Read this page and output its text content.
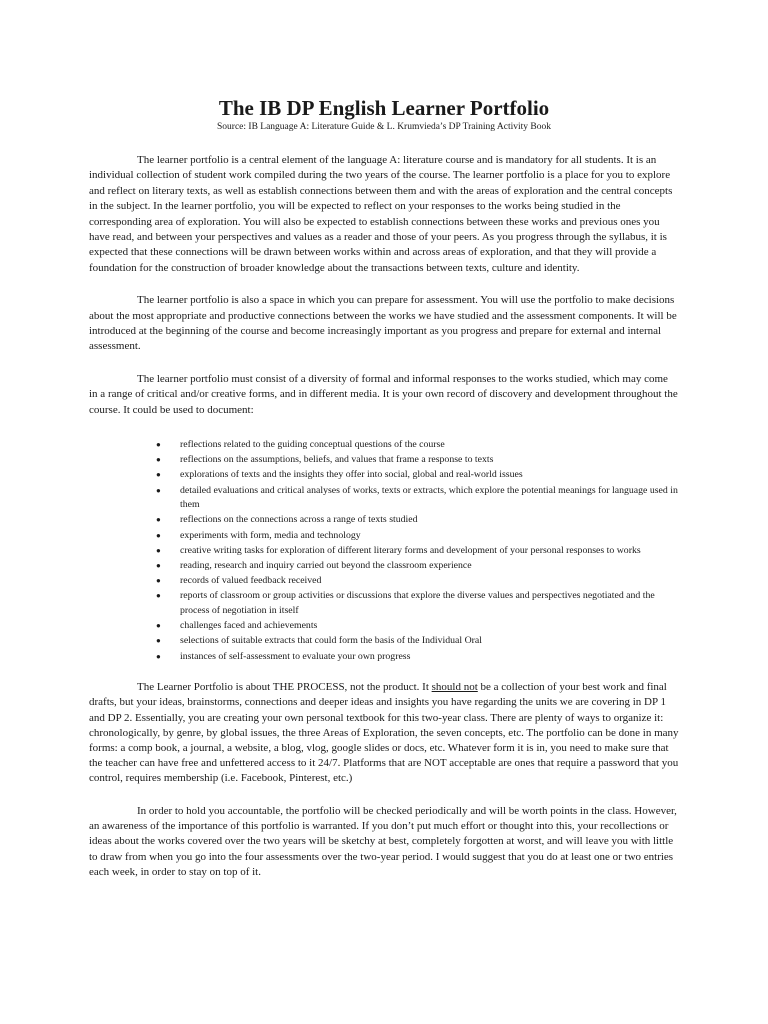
The IB DP English Learner Portfolio

Source: IB Language A: Literature Guide & L. Krumvieda’s DP Training Activity Book

The learner portfolio is a central element of the language A: literature course and is mandatory for all students. It is an individual collection of student work compiled during the two years of the course. The learner portfolio is a place for you to explore and reflect on literary texts, as well as establish connections between them and with the areas of exploration and the central concepts in the subject. In the learner portfolio, you will be expected to reflect on your responses to the works being studied in the corresponding area of exploration. You will also be expected to establish connections between these works and previous ones you have read, and between your perspectives and values as a reader and those of your peers. As you progress through the syllabus, it is expected that these connections will be drawn between works within and across areas of exploration, and that they will provide a foundation for the construction of broader knowledge about the transactions between texts, culture and identity.

The learner portfolio is also a space in which you can prepare for assessment. You will use the portfolio to make decisions about the most appropriate and productive connections between the works we have studied and the assessment components. It will be introduced at the beginning of the course and become increasingly important as you progress and prepare for external and internal assessment.

The learner portfolio must consist of a diversity of formal and informal responses to the works studied, which may come in a range of critical and/or creative forms, and in different media. It is your own record of discovery and development throughout the course. It could be used to document:

● reflections related to the guiding conceptual questions of the course
● reflections on the assumptions, beliefs, and values that frame a response to texts
● explorations of texts and the insights they offer into social, global and real-world issues
● detailed evaluations and critical analyses of works, texts or extracts, which explore the potential meanings for language used in them
● reflections on the connections across a range of texts studied
● experiments with form, media and technology
● creative writing tasks for exploration of different literary forms and development of your personal responses to works
● reading, research and inquiry carried out beyond the classroom experience
● records of valued feedback received
● reports of classroom or group activities or discussions that explore the diverse values and perspectives negotiated and the process of negotiation in itself
● challenges faced and achievements
● selections of suitable extracts that could form the basis of the Individual Oral
● instances of self-assessment to evaluate your own progress

The Learner Portfolio is about THE PROCESS, not the product. It should not be a collection of your best work and final drafts, but your ideas, brainstorms, connections and deeper ideas and insights you have regarding the units we are covering in DP 1 and DP 2. Essentially, you are creating your own personal textbook for this two-year class. There are plenty of ways to organize it: chronologically, by genre, by global issues, the three Areas of Exploration, the seven concepts, etc. The portfolio can be done in many forms: a comp book, a journal, a website, a blog, vlog, google slides or docs, etc. Whatever form it is in, you need to make sure that the teacher can have free and unfettered access to it 24/7. Platforms that are NOT acceptable are ones that require a password that you control, requires membership (i.e. Facebook, Pinterest, etc.)

In order to hold you accountable, the portfolio will be checked periodically and will be worth points in the class. However, an awareness of the importance of this portfolio is warranted. If you don’t put much effort or thought into this, your recollections or ideas about the works covered over the two years will be sketchy at best, completely forgotten at worst, and will leave you with little to draw from when you go into the four assessments over the two-year period. I would suggest that you do at least one or two entries each week, in order to stay on top of it.
